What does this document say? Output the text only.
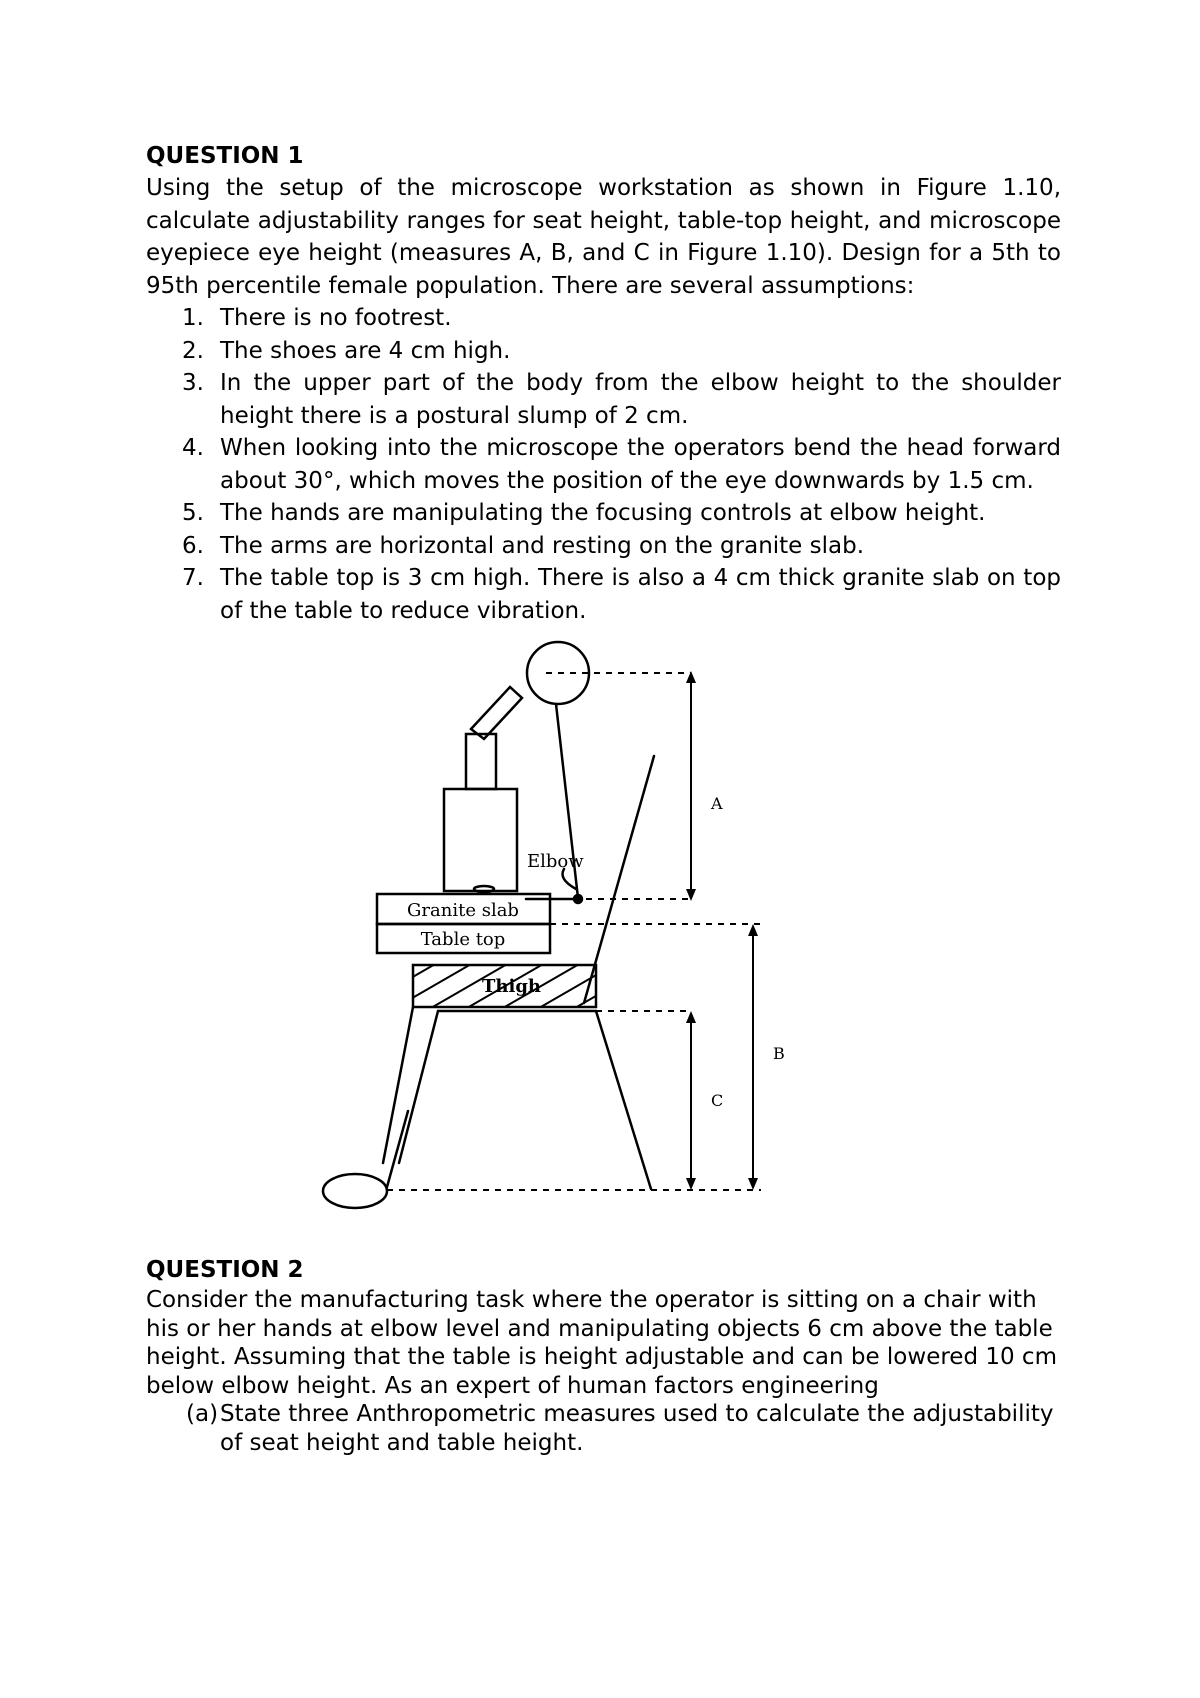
QUESTION 1

Using the setup of the microscope workstation as shown in Figure 1.10, calculate adjustability ranges for seat height, table-top height, and microscope eyepiece eye height (measures A, B, and C in Figure 1.10). Design for a 5th to 95th percentile female population. There are several assumptions:

1. There is no footrest.
2. The shoes are 4 cm high.
3. In the upper part of the body from the elbow height to the shoulder height there is a postural slump of 2 cm.
4. When looking into the microscope the operators bend the head forward about 30°, which moves the position of the eye downwards by 1.5 cm.
5. The hands are manipulating the focusing controls at elbow height.
6. The arms are horizontal and resting on the granite slab.
7. The table top is 3 cm high. There is also a 4 cm thick granite slab on top of the table to reduce vibration.
Elbow
Granite slab
Table top
Thigh
A
B
C

QUESTION 2

Consider the manufacturing task where the operator is sitting on a chair with his or her hands at elbow level and manipulating objects 6 cm above the table height. Assuming that the table is height adjustable and can be lowered 10 cm below elbow height. As an expert of human factors engineering

(a) State three Anthropometric measures used to calculate the adjustability of seat height and table height.
